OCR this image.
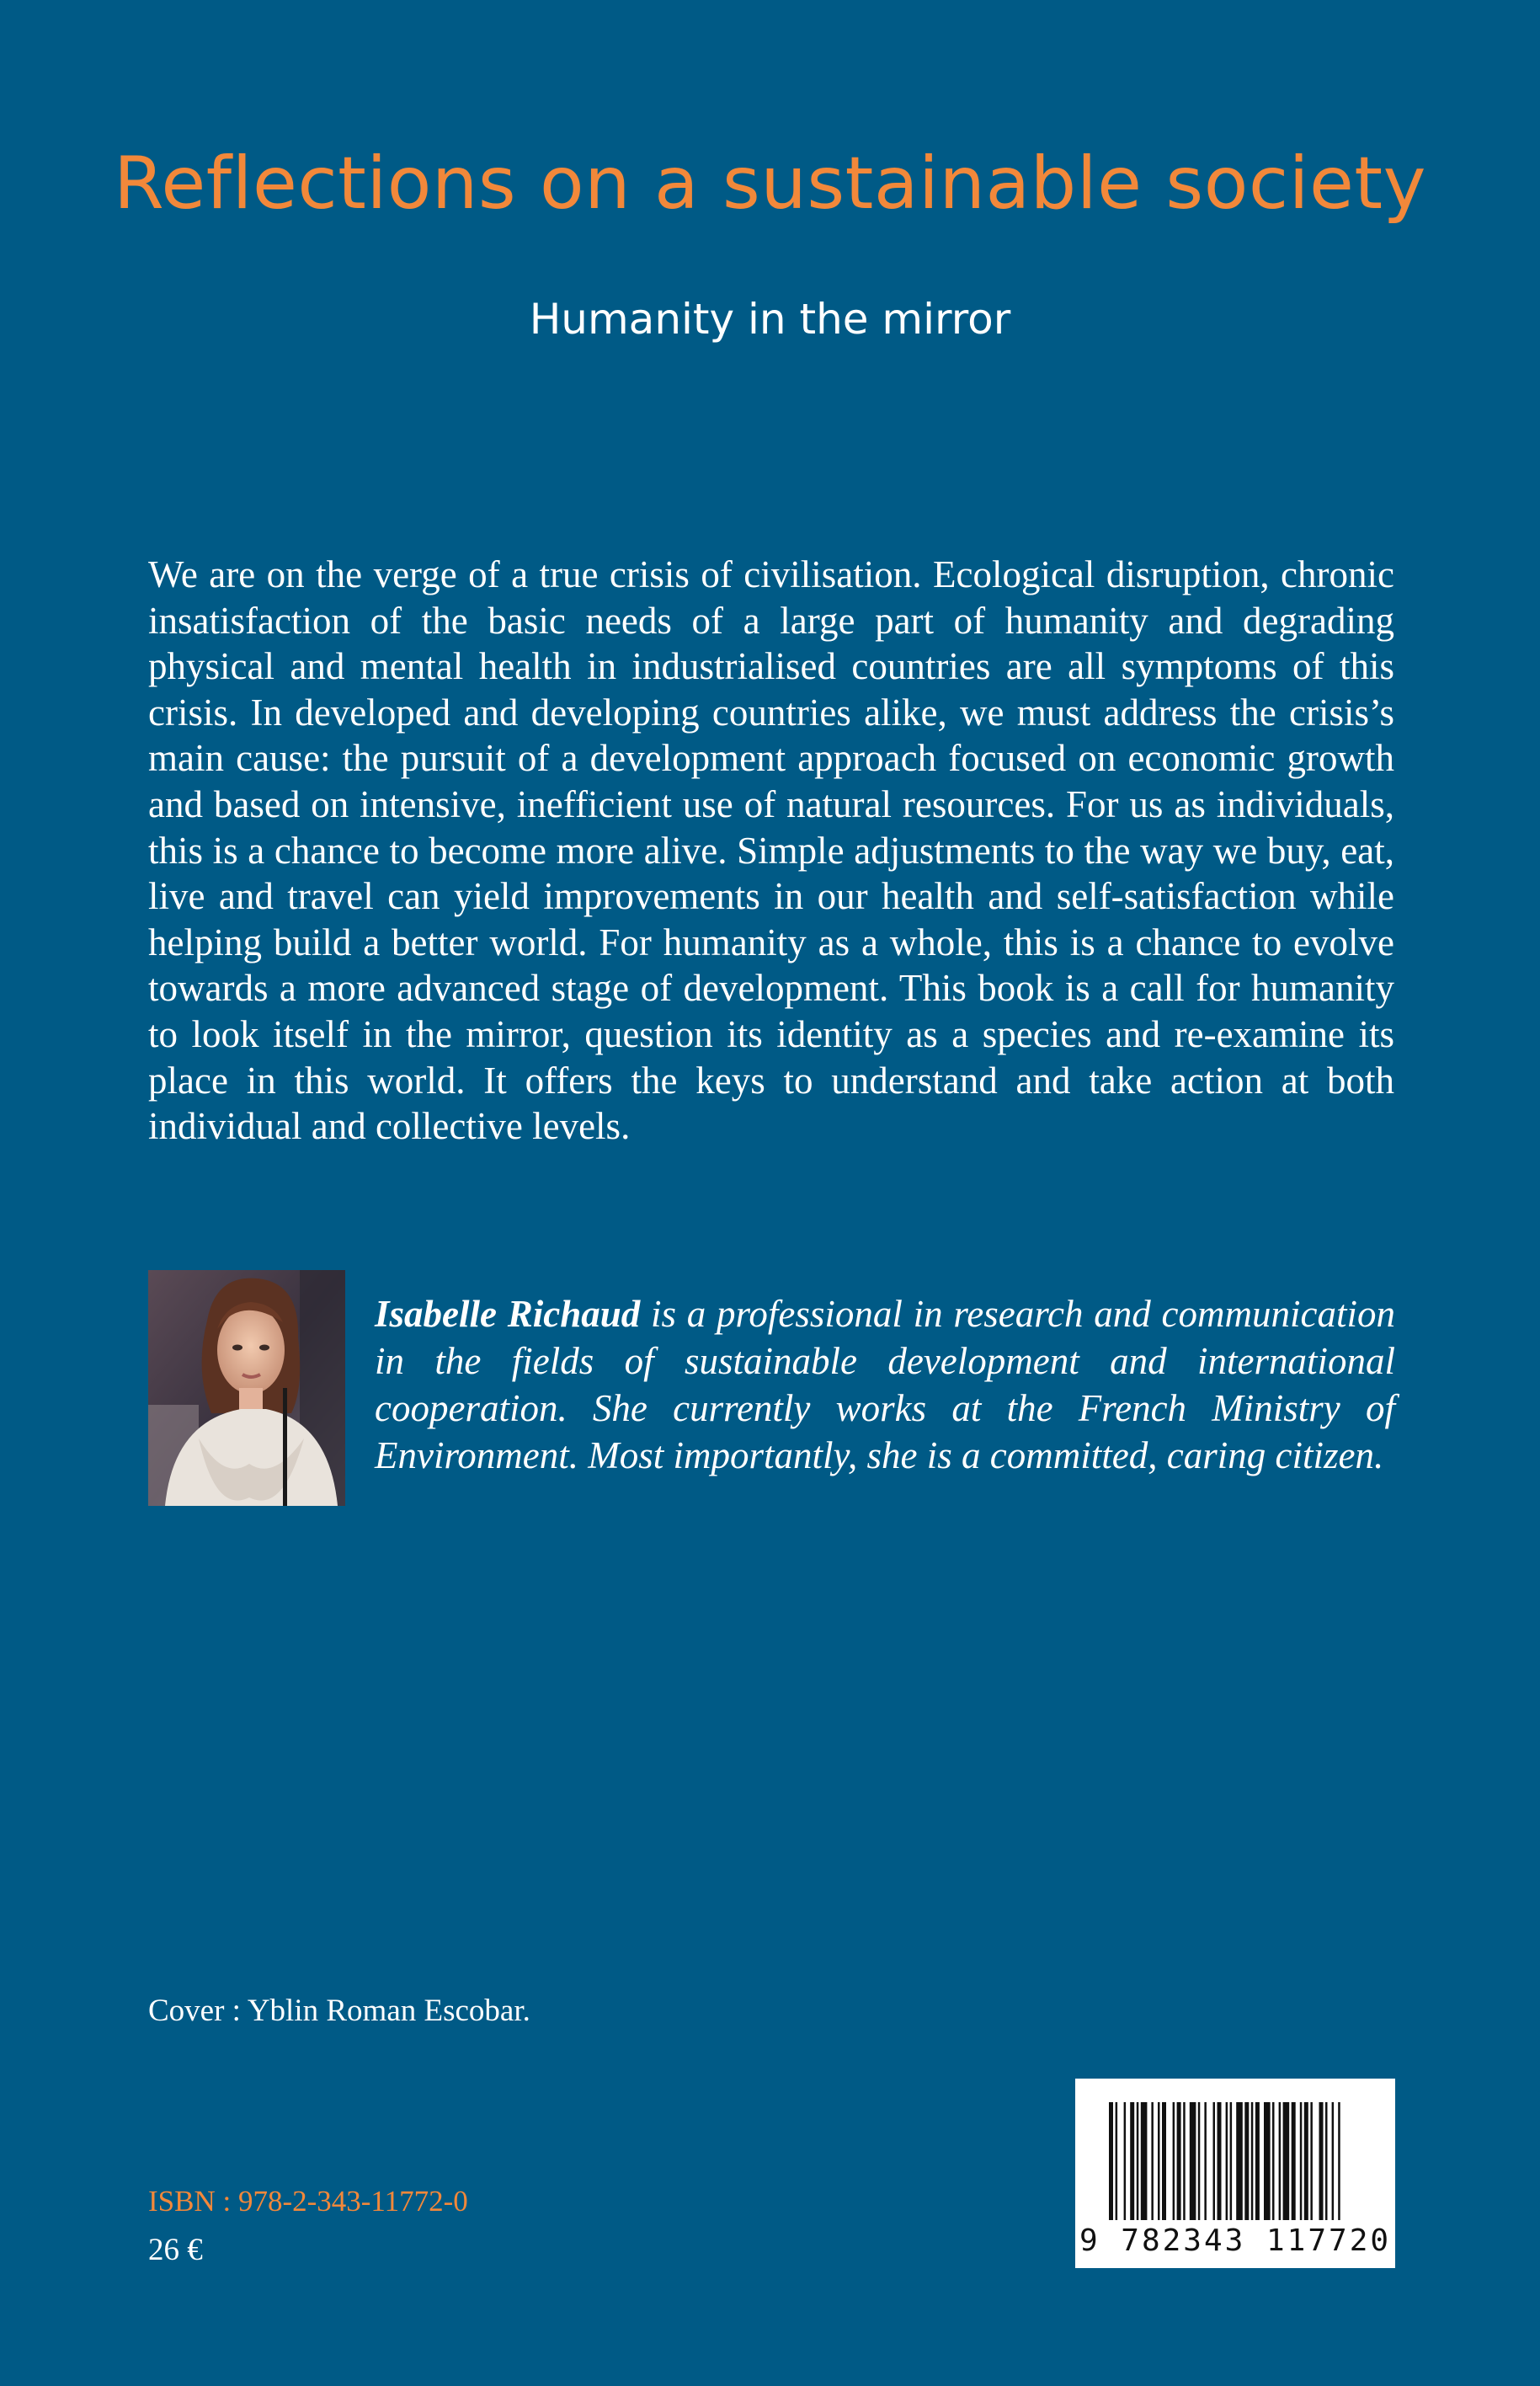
Reflections on a sustainable society
Humanity in the mirror

We are on the verge of a true crisis of civilisation. Ecological disruption, chronic insatisfaction of the basic needs of a large part of humanity and degrading physical and mental health in industrialised countries are all symptoms of this crisis. In developed and developing countries alike, we must address the crisis’s main cause: the pursuit of a development approach focused on economic growth and based on intensive, inefficient use of natural resources. For us as individuals, this is a chance to become more alive. Simple adjustments to the way we buy, eat, live and travel can yield improvements in our health and self-satisfaction while helping build a better world. For humanity as a whole, this is a chance to evolve towards a more advanced stage of development. This book is a call for humanity to look itself in the mirror, question its identity as a species and re-examine its place in this world. It offers the keys to understand and take action at both individual and collective levels.

Isabelle Richaud is a professional in research and communication in the fields of sustainable development and international cooperation. She currently works at the French Ministry of Environment. Most importantly, she is a committed, caring citizen.

Cover : Yblin Roman Escobar.
ISBN : 978-2-343-11772-0
26 €	9 782343 117720
